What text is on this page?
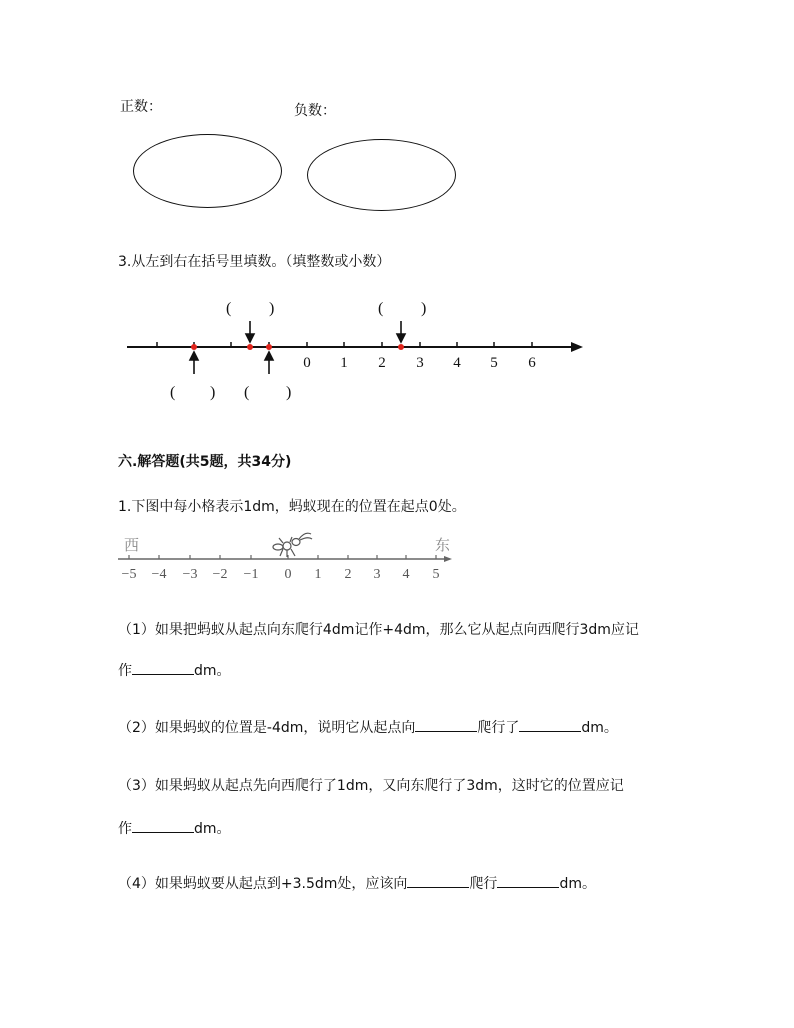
正数：	负数：
3.从左到右在括号里填数。（填整数或小数）
0 1 2 3 4 5 6
( )	( )
( ) ( )
六.解答题(共5题，共34分)
1.下图中每小格表示1dm，蚂蚁现在的位置在起点0处。
西	东
−5 −4 −3 −2 −1 0 1 2 3 4 5
（1）如果把蚂蚁从起点向东爬行4dm记作+4dm，那么它从起点向西爬行3dm应记
作	dm。
（2）如果蚂蚁的位置是-4dm，说明它从起点向	爬行了	dm。
（3）如果蚂蚁从起点先向西爬行了1dm，又向东爬行了3dm，这时它的位置应记
作	dm。
（4）如果蚂蚁要从起点到+3.5dm处，应该向	爬行	dm。
